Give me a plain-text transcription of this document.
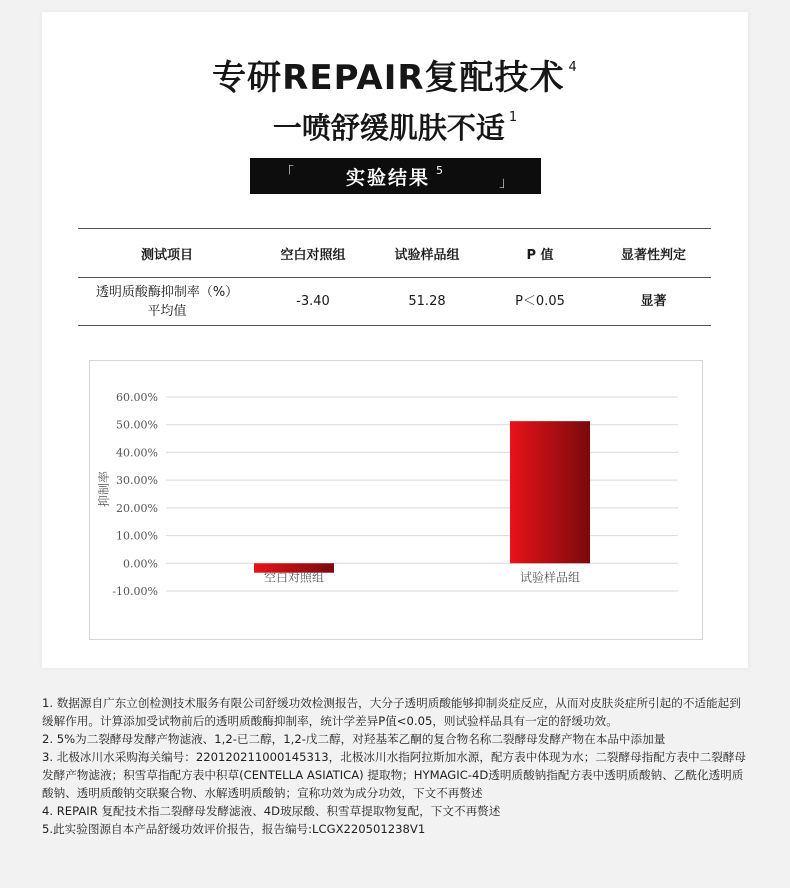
专研REPAIR复配技术 $^4$
一喷舒缓肌肤不适 $^1$
「	实验结果 $^5$
」
测试项目	空白对照组	试验样品组	P 值	显著性判定

透明质酸酶抑制率（%）
平均值	-3.40	51.28	P＜0.05	显著
60.00%
50.00%
40.00%
30.00%
20.00%
10.00%
0.00%
-10.00%
空白对照组	试验样品组
抑制率

1. 数据源自广东立创检测技术服务有限公司舒缓功效检测报告，大分子透明质酸能够抑制炎症反应，从而对皮肤炎症所引起的不适能起到缓解作用。计算添加受试物前后的透明质酸酶抑制率，统计学差异P值<0.05，则试验样品具有一定的舒缓功效。

2. 5%为二裂酵母发酵产物滤液、1,2-已二醇，1,2-戊二醇，对羟基苯乙酮的复合物名称二裂酵母发酵产物在本品中添加量

3. 北极冰川水采购海关编号：220120211000145313，北极冰川水指阿拉斯加水源，配方表中体现为水；二裂酵母指配方表中二裂酵母发酵产物滤液；积雪草指配方表中积草(CENTELLA ASIATICA) 提取物；HYMAGIC-4D透明质酸钠指配方表中透明质酸钠、乙酰化透明质酸钠、透明质酸钠交联聚合物、水解透明质酸钠；宣称功效为成分功效，下文不再赘述

4. REPAIR 复配技术指二裂酵母发酵滤液、4D玻尿酸、积雪草提取物复配，下文不再赘述

5.此实验图源自本产品舒缓功效评价报告，报告编号:LCGX220501238V1
